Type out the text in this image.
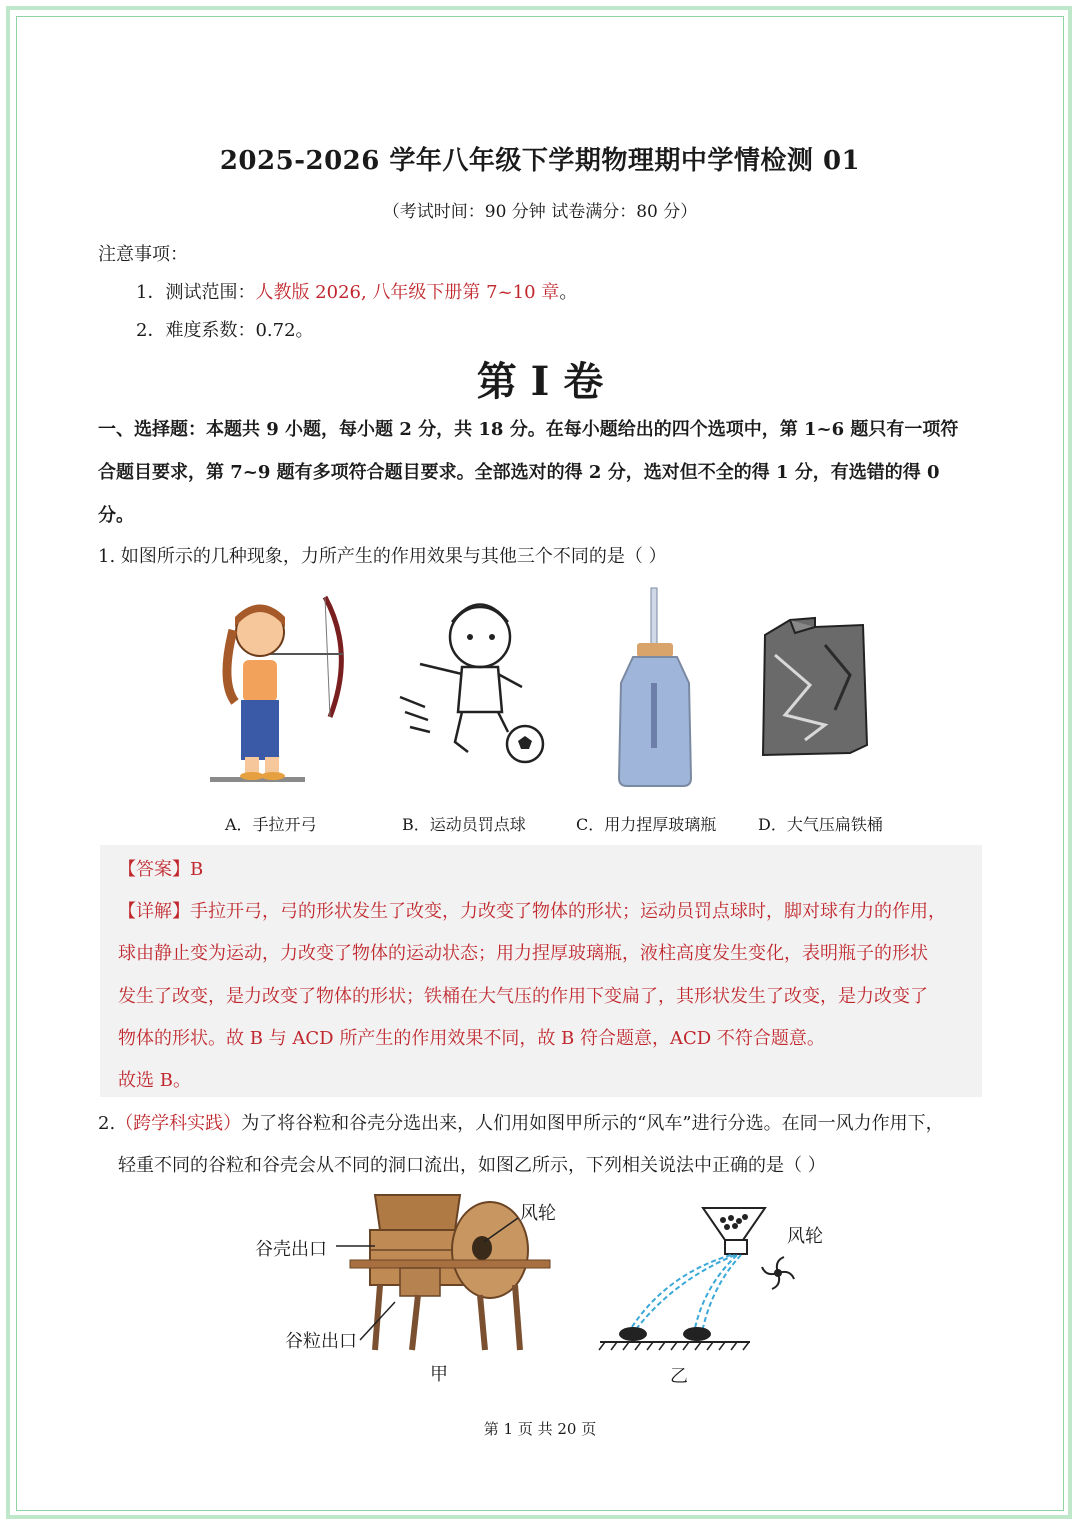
2025-2026 学年八年级下学期物理期中学情检测 01
（考试时间：90 分钟 试卷满分：80 分）
注意事项：
1．测试范围：人教版 2026, 八年级下册第 7~10 章。
2．难度系数：0.72。
第 I 卷
一、选择题：本题共 9 小题，每小题 2 分，共 18 分。在每小题给出的四个选项中，第 1~6 题只有一项符
合题目要求，第 7~9 题有多项符合题目要求。全部选对的得 2 分，选对但不全的得 1 分，有选错的得 0
分。
1. 如图所示的几种现象，力所产生的作用效果与其他三个不同的是（ ）
A．手拉开弓	B．运动员罚点球	C．用力捏厚玻璃瓶	D．大气压扁铁桶
【答案】B
【详解】手拉开弓，弓的形状发生了改变，力改变了物体的形状；运动员罚点球时，脚对球有力的作用，
球由静止变为运动，力改变了物体的运动状态；用力捏厚玻璃瓶，液柱高度发生变化，表明瓶子的形状
发生了改变，是力改变了物体的形状；铁桶在大气压的作用下变扁了，其形状发生了改变，是力改变了
物体的形状。故 B 与 ACD 所产生的作用效果不同，故 B 符合题意，ACD 不符合题意。
故选 B。
2.（跨学科实践）为了将谷粒和谷壳分选出来，人们用如图甲所示的“风车”进行分选。在同一风力作用下，
轻重不同的谷粒和谷壳会从不同的洞口流出，如图乙所示，下列相关说法中正确的是（ ）
谷壳出口
谷粒出口
风轮
甲
风轮
乙
第 1 页 共 20 页
